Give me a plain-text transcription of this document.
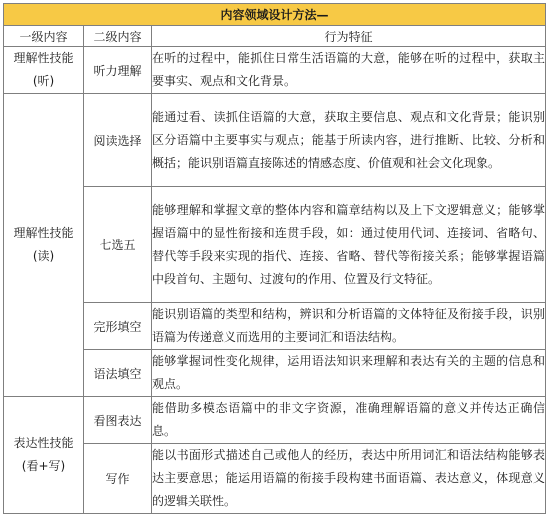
内容领域设计方法—		
一级内容	二级内容	行为特征

理解性技能
(听)	听力理解	在听的过程中，能抓住日常生活语篇的大意，能够在听的过程中，获取主要事实、观点和文化背景。

理解性技能
(读)	阅读选择	能通过看、读抓住语篇的大意，获取主要信息、观点和文化背景；能识别区分语篇中主要事实与观点；能基于所读内容，进行推断、比较、分析和概括；能识别语篇直接陈述的情感态度、价值观和社会文化现象。
	七选五	能够理解和掌握文章的整体内容和篇章结构以及上下文逻辑意义；能够掌握语篇中的显性衔接和连贯手段，如：通过使用代词、连接词、省略句、替代等手段来实现的指代、连接、省略、替代等衔接关系；能够掌握语篇中段首句、主题句、过渡句的作用、位置及行文特征。
	完形填空	能识别语篇的类型和结构，辨识和分析语篇的文体特征及衔接手段，识别语篇为传递意义而选用的主要词汇和语法结构。
	语法填空	能够掌握词性变化规律，运用语法知识来理解和表达有关的主题的信息和观点。

表达性技能
(看+写)	看图表达	能借助多模态语篇中的非文字资源，准确理解语篇的意义并传达正确信息。
	写作	能以书面形式描述自己或他人的经历，表达中所用词汇和语法结构能够表达主要意思；能运用语篇的衔接手段构建书面语篇、表达意义，体现意义的逻辑关联性。
